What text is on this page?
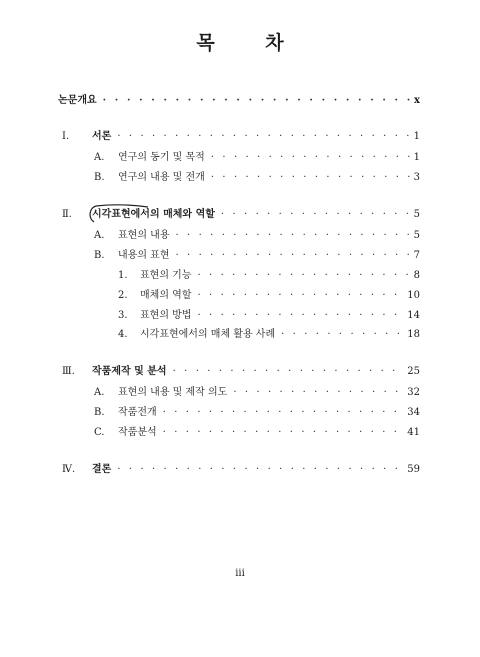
목 차
논문개요 · · ·	x
Ⅰ.	서론 · · ·	1
A.	연구의 동기 및 목적 · · ·	1
B.	연구의 내용 및 전개 · · ·	3
Ⅱ.	시각표현에서의 매체와 역할 · · ·	5
A.	표현의 내용 · · ·	5
B.	내용의 표현 · · ·	7
1.	표현의 기능 · · ·	8
2.	매체의 역할 · · ·	10
3.	표현의 방법 · · ·	14
4.	시각표현에서의 매체 활용 사례 · · ·	18
Ⅲ.	작품제작 및 분석 · · ·	25
A.	표현의 내용 및 제작 의도 · · ·	32
B.	작품전개 · · ·	34
C.	작품분석 · · ·	41
Ⅳ.	결론 · · ·	59
iii
